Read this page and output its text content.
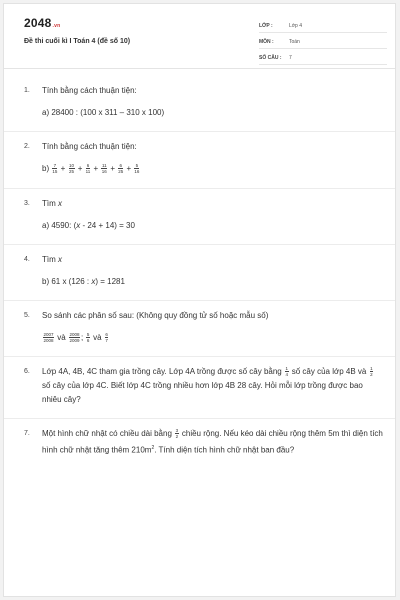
2048.vn
Đề thi cuối kì I Toán 4 (đề số 10)
LỚP :	Lớp 4
MÔN :	Toán
SỐ CÂU : 7
1. Tính bằng cách thuận tiện:
a) 28400 : (100 x 311 – 310 x 100)
2. Tính bằng cách thuận tiện:
$b) \frac{7}{15} + \frac{10}{25} + \frac{6}{11} + \frac{11}{16} + \frac{6}{25} + \frac{5}{16}$
3. Tìm x
a) 4590: (x - 24 + 14) = 30
4. Tìm x
b) 61 x (126 : x) = 1281
5. So sánh các phân số sau: (Không quy đồng tử số hoặc mẫu số)
$\frac{2007}{2008}$ và $\frac{2008}{2009}$ ; $\frac{5}{6}$ và $\frac{6}{7}$
6. Lớp 4A, 4B, 4C tham gia trồng cây. Lớp 4A trồng được số cây bằng $\frac{1}{4}$ số cây của lớp 4B và $\frac{1}{2}$
số cây của lớp 4C. Biết lớp 4C trồng nhiều hơn lớp 4B 28 cây. Hỏi mỗi lớp trồng được bao nhiêu cây?
7. Một hình chữ nhật có chiều dài bằng $\frac{3}{2}$ chiều rộng. Nếu kéo dài chiều rộng thêm 5m thì diện tích hình chữ nhật tăng thêm $210m^2$. Tính diện tích hình chữ nhật ban đầu?
